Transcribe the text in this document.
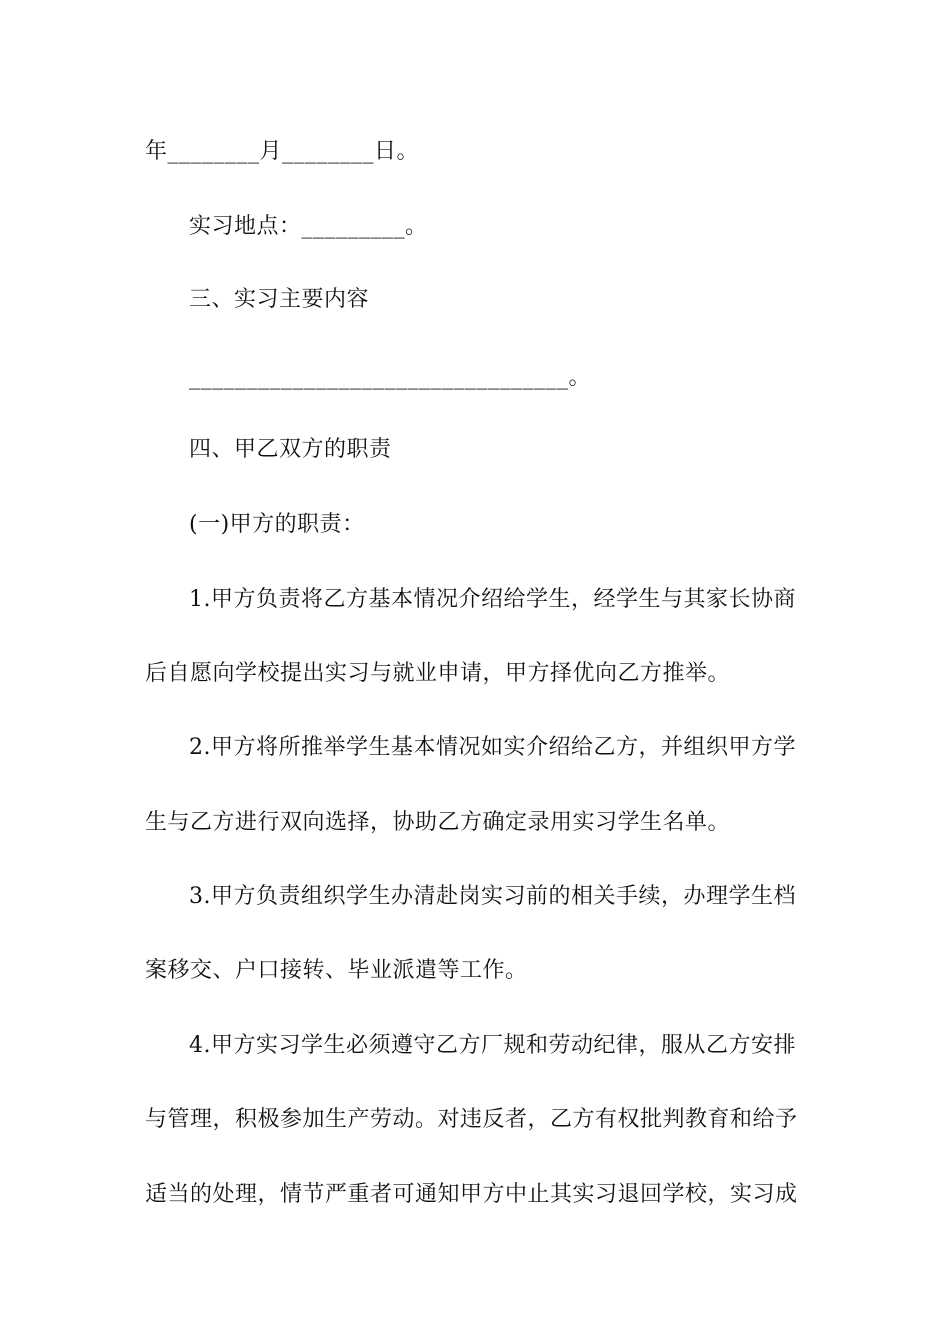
年________月________日。
实习地点：_________。
三、实习主要内容
_________________________________。
四、甲乙双方的职责
(一)甲方的职责：
1.甲方负责将乙方基本情况介绍给学生，经学生与其家长协商
后自愿向学校提出实习与就业申请，甲方择优向乙方推举。
2.甲方将所推举学生基本情况如实介绍给乙方，并组织甲方学
生与乙方进行双向选择，协助乙方确定录用实习学生名单。
3.甲方负责组织学生办清赴岗实习前的相关手续，办理学生档
案移交、户口接转、毕业派遣等工作。
4.甲方实习学生必须遵守乙方厂规和劳动纪律，服从乙方安排
与管理，积极参加生产劳动。对违反者，乙方有权批判教育和给予
适当的处理，情节严重者可通知甲方中止其实习退回学校，实习成
